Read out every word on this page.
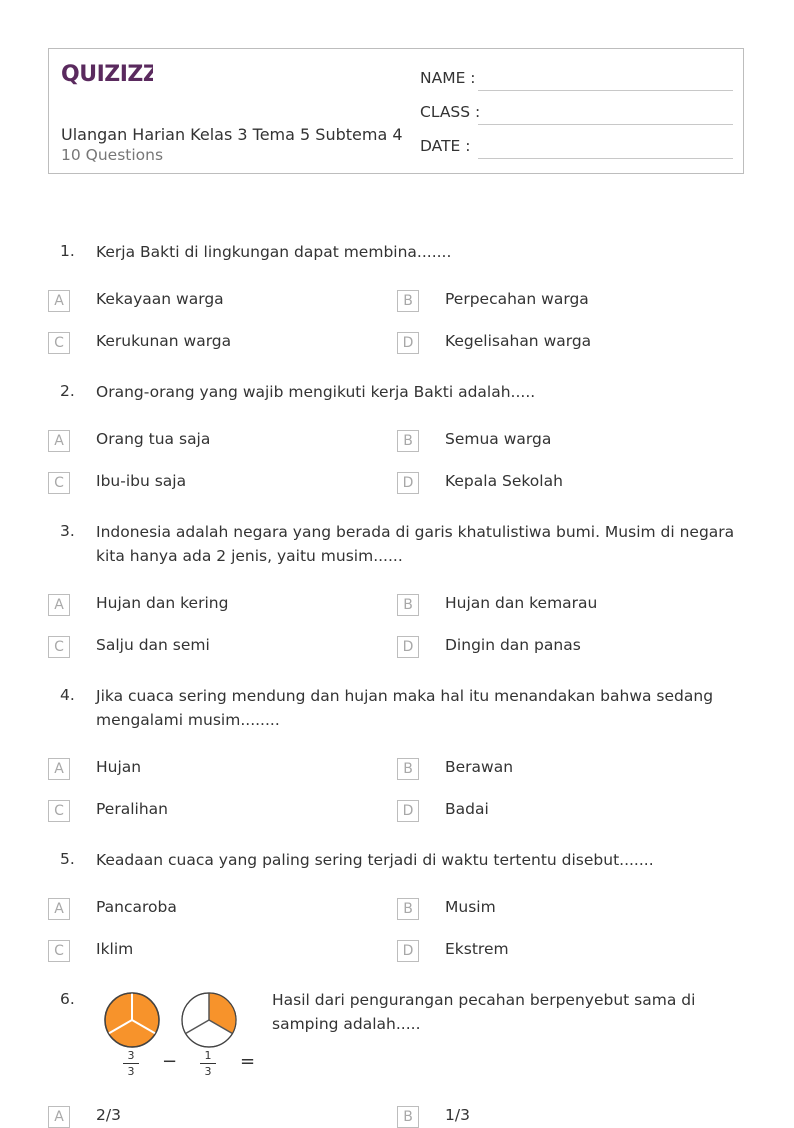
QUIZIZZ
Ulangan Harian Kelas 3 Tema 5 Subtema 4
10 Questions
NAME :
CLASS :
DATE :
1. Kerja Bakti di lingkungan dapat membina.......
A	Kekayaan warga	B	Perpecahan warga
C	Kerukunan warga	D	Kegelisahan warga
2. Orang-orang yang wajib mengikuti kerja Bakti adalah.....
A	Orang tua saja	B	Semua warga
C	Ibu-ibu saja	D	Kepala Sekolah
3. Indonesia adalah negara yang berada di garis khatulistiwa bumi. Musim di negara kita hanya ada 2 jenis, yaitu musim......
A	Hujan dan kering	B	Hujan dan kemarau
C	Salju dan semi	D	Dingin dan panas
4. Jika cuaca sering mendung dan hujan maka hal itu menandakan bahwa sedang mengalami musim........
A	Hujan	B	Berawan
C	Peralihan	D	Badai
5. Keadaan cuaca yang paling sering terjadi di waktu tertentu disebut.......
A	Pancaroba	B	Musim
C	Iklim	D	Ekstrem
6.
3
3	−	1
3	=
Hasil dari pengurangan pecahan berpenyebut sama di samping adalah.....
A	2/3	B	1/3
